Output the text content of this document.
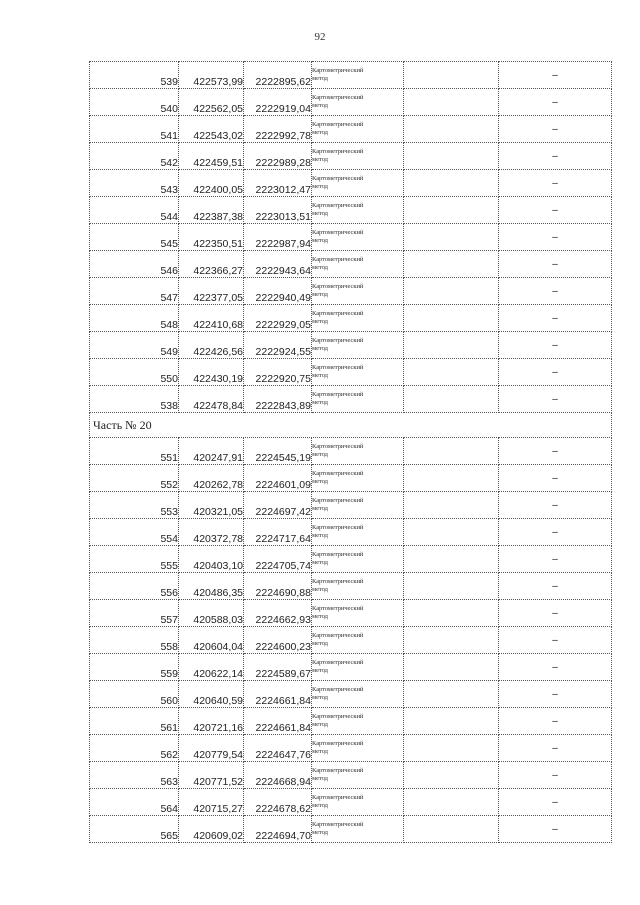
92
539	422573,99	2222895,62	Картометрический
метод		–
540	422562,05	2222919,04	Картометрический
метод		–
541	422543,02	2222992,78	Картометрический
метод		–
542	422459,51	2222989,28	Картометрический
метод		–
543	422400,05	2223012,47	Картометрический
метод		–
544	422387,38	2223013,51	Картометрический
метод		–
545	422350,51	2222987,94	Картометрический
метод		–
546	422366,27	2222943,64	Картометрический
метод		–
547	422377,05	2222940,49	Картометрический
метод		–
548	422410,68	2222929,05	Картометрический
метод		–
549	422426,56	2222924,55	Картометрический
метод		–
550	422430,19	2222920,75	Картометрический
метод		–
538	422478,84	2222843,89	Картометрический
метод		–
Часть № 20					
551	420247,91	2224545,19	Картометрический
метод		–
552	420262,78	2224601,09	Картометрический
метод		–
553	420321,05	2224697,42	Картометрический
метод		–
554	420372,78	2224717,64	Картометрический
метод		–
555	420403,10	2224705,74	Картометрический
метод		–
556	420486,35	2224690,88	Картометрический
метод		–
557	420588,03	2224662,93	Картометрический
метод		–
558	420604,04	2224600,23	Картометрический
метод		–
559	420622,14	2224589,67	Картометрический
метод		–
560	420640,59	2224661,84	Картометрический
метод		–
561	420721,16	2224661,84	Картометрический
метод		–
562	420779,54	2224647,76	Картометрический
метод		–
563	420771,52	2224668,94	Картометрический
метод		–
564	420715,27	2224678,62	Картометрический
метод		–
565	420609,02	2224694,70	Картометрический
метод		–
